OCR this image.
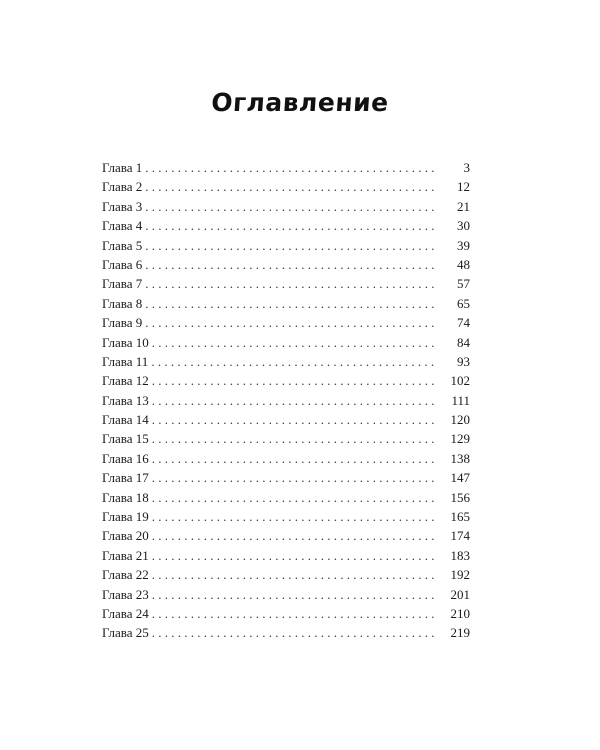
Оглавление
Глава 1 . . .	3
Глава 2 . . .	12
Глава 3 . . .	21
Глава 4 . . .	30
Глава 5 . . .	39
Глава 6 . . .	48
Глава 7 . . .	57
Глава 8 . . .	65
Глава 9 . . .	74
Глава 10 . . .	84
Глава 11 . . .	93
Глава 12 . . .	102
Глава 13 . . .	111
Глава 14 . . .	120
Глава 15 . . .	129
Глава 16 . . .	138
Глава 17 . . .	147
Глава 18 . . .	156
Глава 19 . . .	165
Глава 20 . . .	174
Глава 21 . . .	183
Глава 22 . . .	192
Глава 23 . . .	201
Глава 24 . . .	210
Глава 25 . . .	219
